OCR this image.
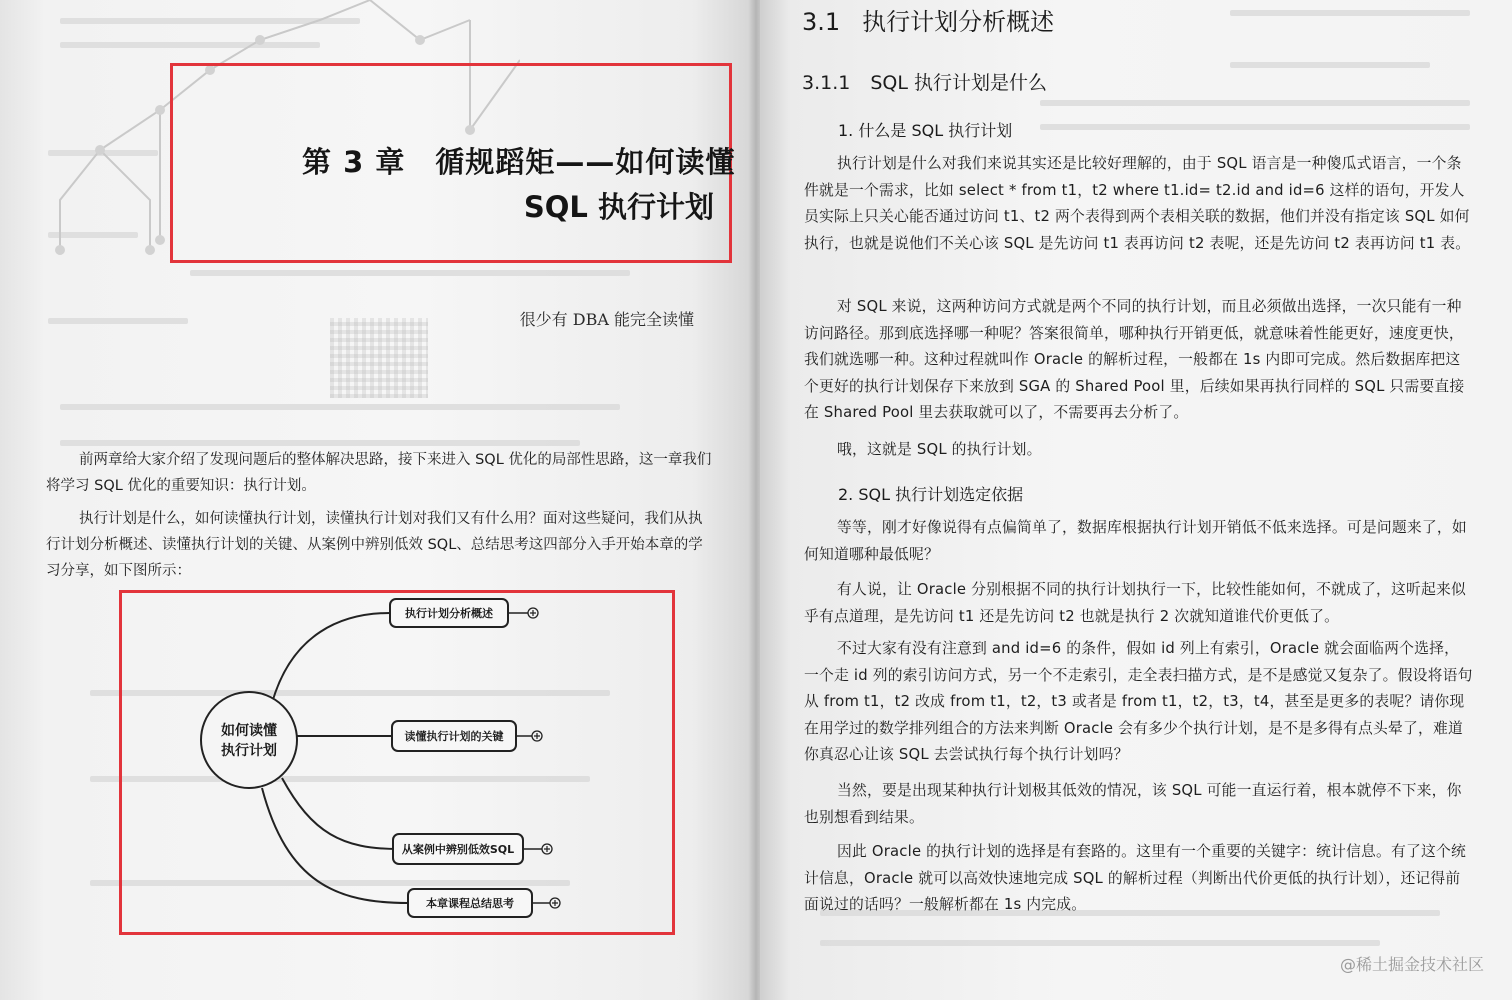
第 3 章　循规蹈矩——如何读懂
SQL 执行计划
很少有 DBA 能完全读懂

前两章给大家介绍了发现问题后的整体解决思路，接下来进入 SQL 优化的局部性思路，这一章我们将学习 SQL 优化的重要知识：执行计划。

执行计划是什么，如何读懂执行计划，读懂执行计划对我们又有什么用？面对这些疑问，我们从执行计划分析概述、读懂执行计划的关键、从案例中辨别低效 SQL、总结思考这四部分入手开始本章的学习分享，如下图所示：

如何读懂
执行计划
执行计划分析概述
读懂执行计划的关键
从案例中辨别低效SQL
本章课程总结思考
3.1 执行计划分析概述
3.1.1 SQL 执行计划是什么
1. 什么是 SQL 执行计划

执行计划是什么对我们来说其实还是比较好理解的，由于 SQL 语言是一种傻瓜式语言，一个条件就是一个需求，比如 select * from t1，t2 where t1.id= t2.id and id=6 这样的语句，开发人员实际上只关心能否通过访问 t1、t2 两个表得到两个表相关联的数据，他们并没有指定该 SQL 如何执行，也就是说他们不关心该 SQL 是先访问 t1 表再访问 t2 表呢，还是先访问 t2 表再访问 t1 表。

对 SQL 来说，这两种访问方式就是两个不同的执行计划，而且必须做出选择，一次只能有一种访问路径。那到底选择哪一种呢？答案很简单，哪种执行开销更低，就意味着性能更好，速度更快，我们就选哪一种。这种过程就叫作 Oracle 的解析过程，一般都在 1s 内即可完成。然后数据库把这个更好的执行计划保存下来放到 SGA 的 Shared Pool 里，后续如果再执行同样的 SQL 只需要直接在 Shared Pool 里去获取就可以了，不需要再去分析了。

哦，这就是 SQL 的执行计划。

2. SQL 执行计划选定依据

等等，刚才好像说得有点偏简单了，数据库根据执行计划开销低不低来选择。可是问题来了，如何知道哪种最低呢？

有人说，让 Oracle 分别根据不同的执行计划执行一下，比较性能如何，不就成了，这听起来似乎有点道理，是先访问 t1 还是先访问 t2 也就是执行 2 次就知道谁代价更低了。

不过大家有没有注意到 and id=6 的条件，假如 id 列上有索引，Oracle 就会面临两个选择，一个走 id 列的索引访问方式，另一个不走索引，走全表扫描方式，是不是感觉又复杂了。假设将语句从 from t1，t2 改成 from t1，t2，t3 或者是 from t1，t2，t3，t4，甚至是更多的表呢？请你现在用学过的数学排列组合的方法来判断 Oracle 会有多少个执行计划，是不是多得有点头晕了，难道你真忍心让该 SQL 去尝试执行每个执行计划吗？

当然，要是出现某种执行计划极其低效的情况，该 SQL 可能一直运行着，根本就停不下来，你也别想看到结果。

因此 Oracle 的执行计划的选择是有套路的。这里有一个重要的关键字：统计信息。有了这个统计信息，Oracle 就可以高效快速地完成 SQL 的解析过程（判断出代价更低的执行计划），还记得前面说过的话吗？一般解析都在 1s 内完成。

@稀土掘金技术社区
